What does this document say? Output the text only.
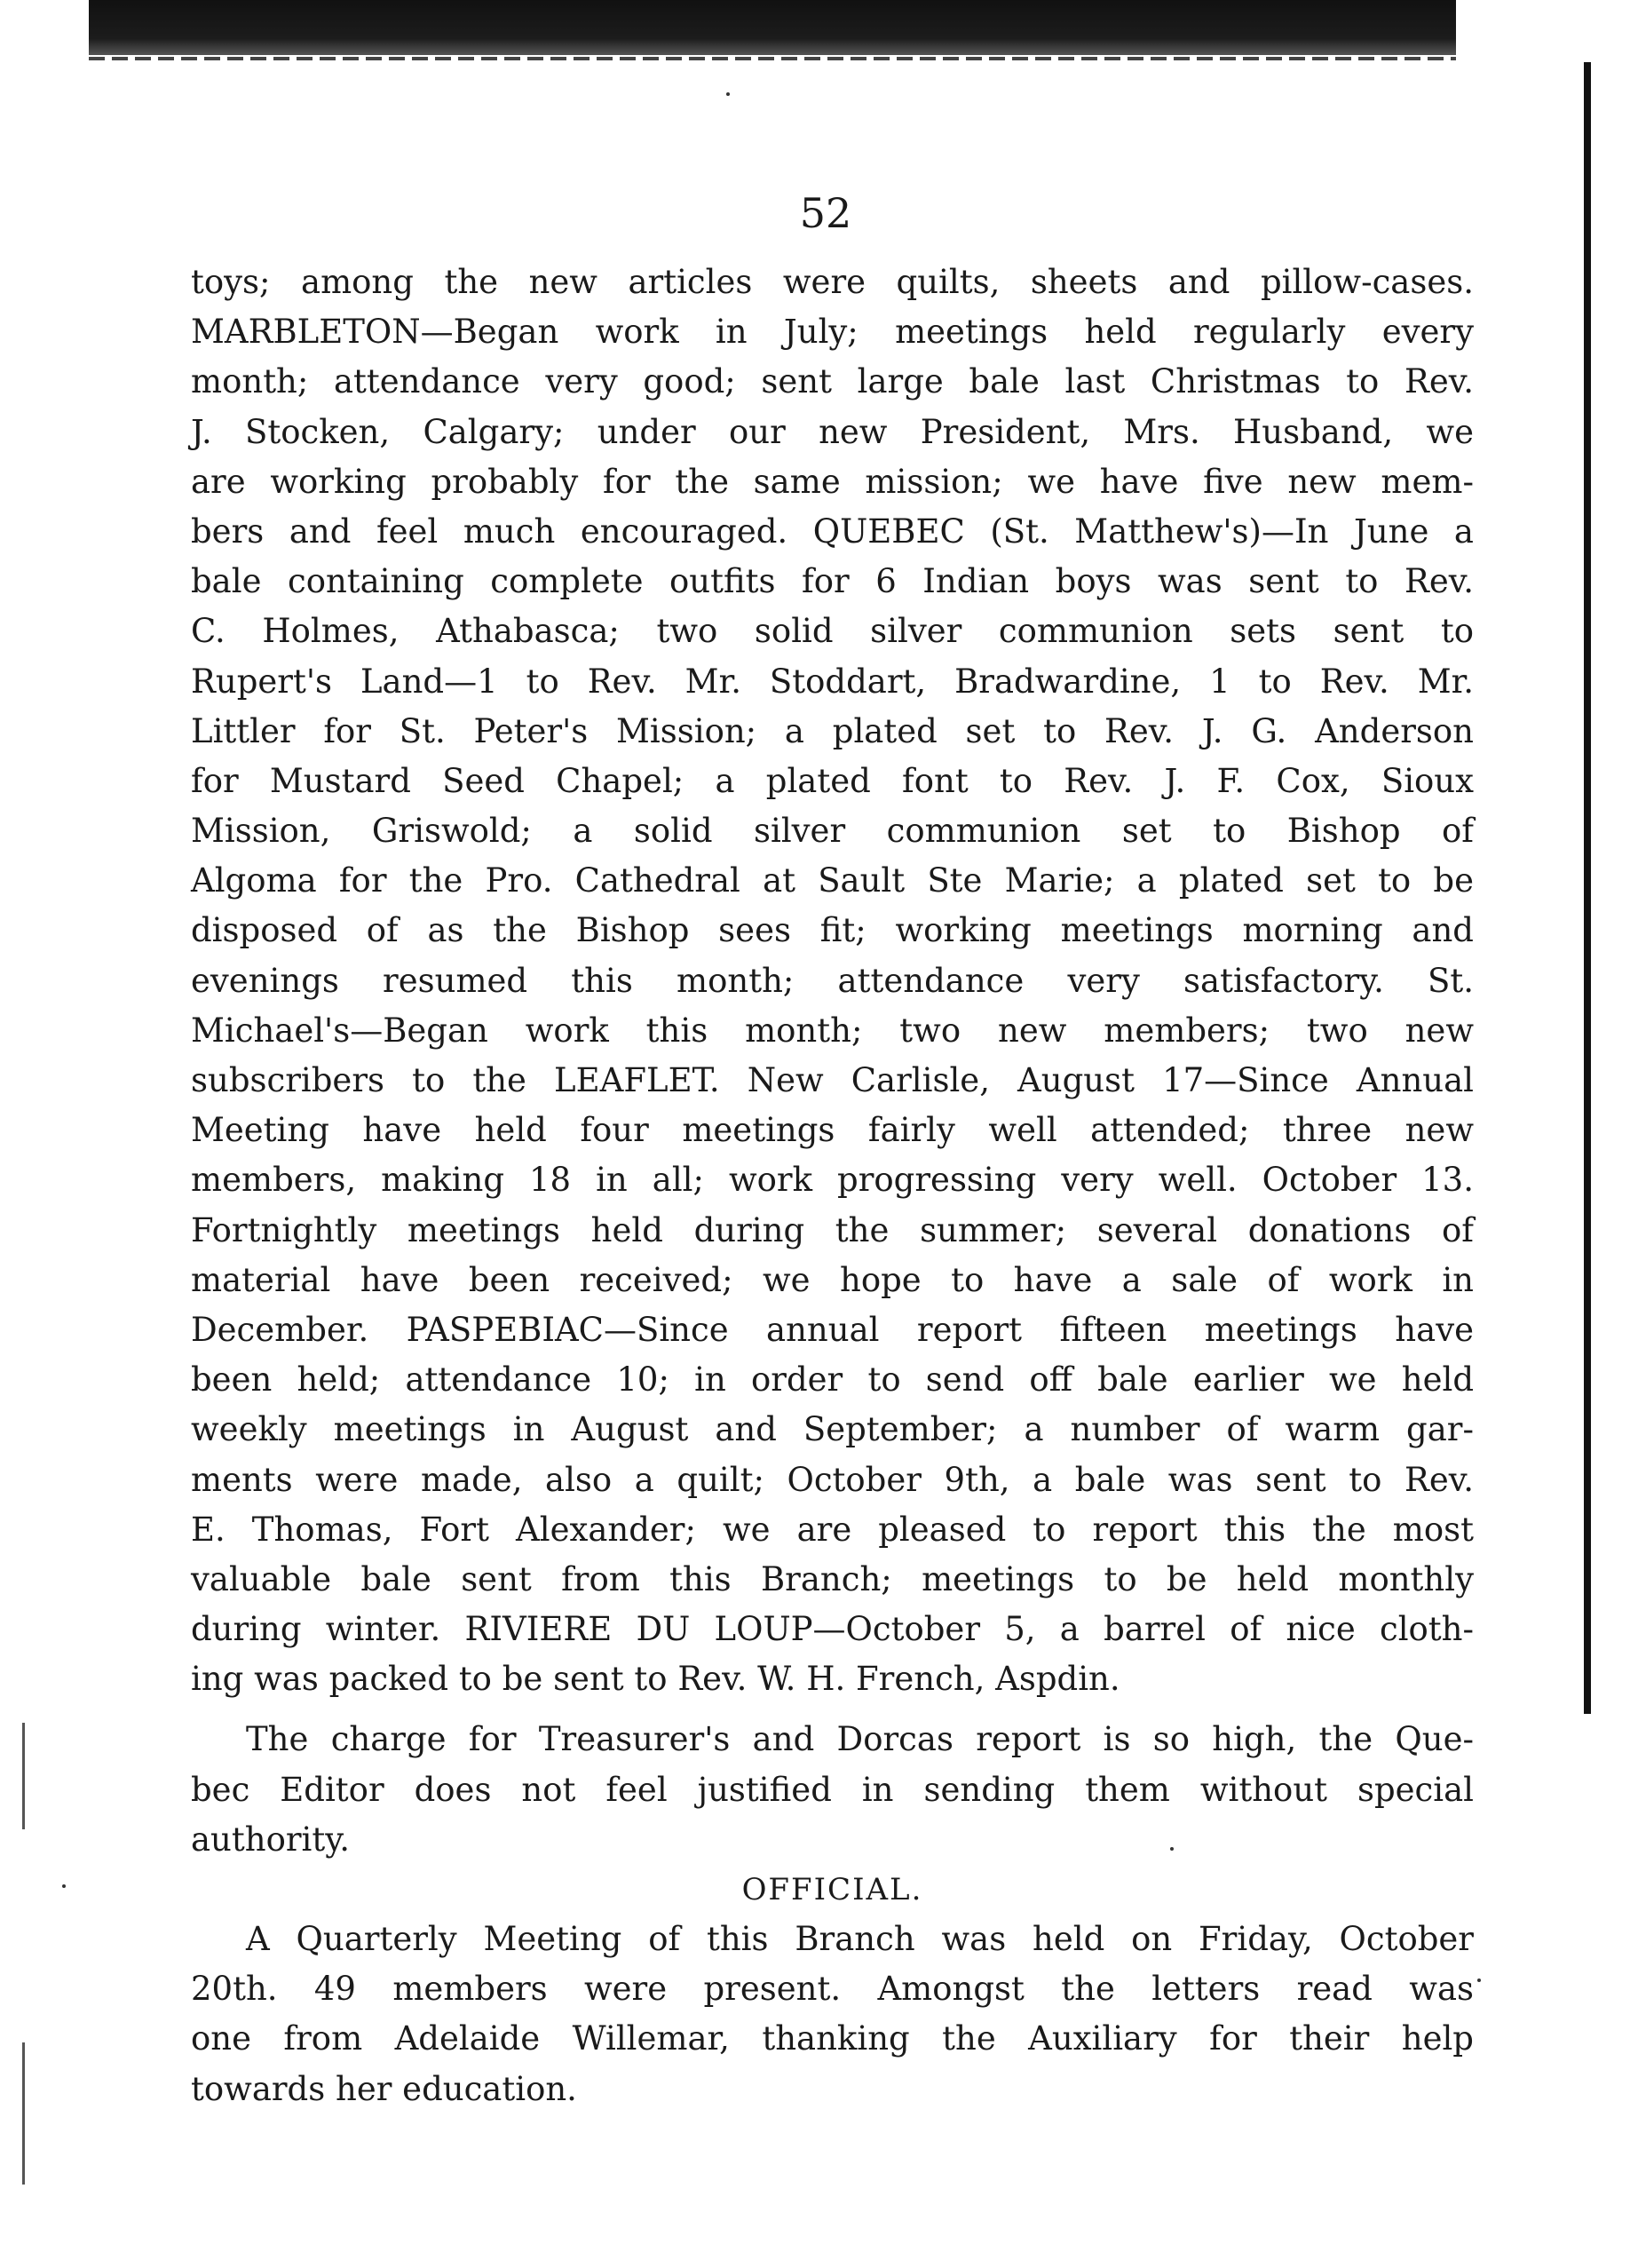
52
toys; among the new articles were quilts, sheets and pillow-cases.
MARBLETON—Began work in July; meetings held regularly every
month; attendance very good; sent large bale last Christmas to Rev.
J. Stocken, Calgary; under our new President, Mrs. Husband, we
are working probably for the same mission; we have five new mem-
bers and feel much encouraged. QUEBEC (St. Matthew's)—In June a
bale containing complete outfits for 6 Indian boys was sent to Rev.
C. Holmes, Athabasca; two solid silver communion sets sent to
Rupert's Land—1 to Rev. Mr. Stoddart, Bradwardine, 1 to Rev. Mr.
Littler for St. Peter's Mission; a plated set to Rev. J. G. Anderson
for Mustard Seed Chapel; a plated font to Rev. J. F. Cox, Sioux
Mission, Griswold; a solid silver communion set to Bishop of
Algoma for the Pro. Cathedral at Sault Ste Marie; a plated set to be
disposed of as the Bishop sees fit; working meetings morning and
evenings resumed this month; attendance very satisfactory. St.
Michael's—Began work this month; two new members; two new
subscribers to the LEAFLET. New Carlisle, August 17—Since Annual
Meeting have held four meetings fairly well attended; three new
members, making 18 in all; work progressing very well. October 13.
Fortnightly meetings held during the summer; several donations of
material have been received; we hope to have a sale of work in
December. PASPEBIAC—Since annual report fifteen meetings have
been held; attendance 10; in order to send off bale earlier we held
weekly meetings in August and September; a number of warm gar-
ments were made, also a quilt; October 9th, a bale was sent to Rev.
E. Thomas, Fort Alexander; we are pleased to report this the most
valuable bale sent from this Branch; meetings to be held monthly
during winter. RIVIERE DU LOUP—October 5, a barrel of nice cloth-
ing was packed to be sent to Rev. W. H. French, Aspdin.
The charge for Treasurer's and Dorcas report is so high, the Que-
bec Editor does not feel justified in sending them without special
authority.
OFFICIAL.
A Quarterly Meeting of this Branch was held on Friday, October
20th. 49 members were present. Amongst the letters read was
one from Adelaide Willemar, thanking the Auxiliary for their help
towards her education.
